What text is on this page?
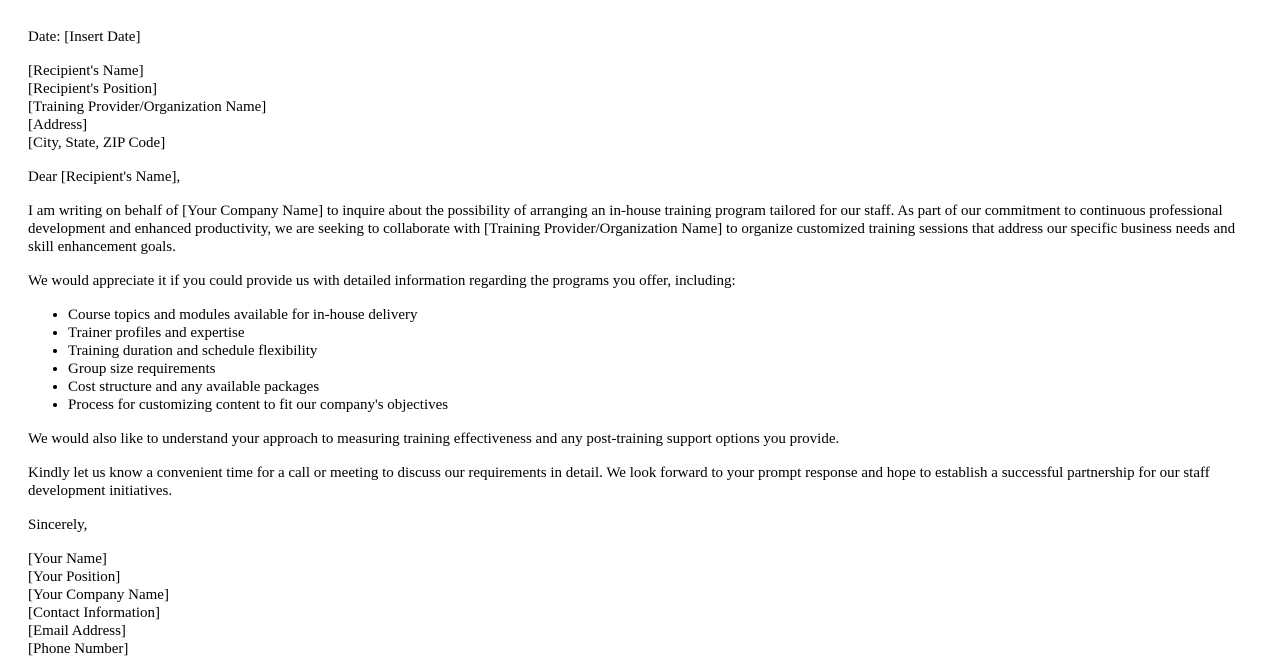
Date: [Insert Date]

[Recipient's Name]
[Recipient's Position]
[Training Provider/Organization Name]
[Address]
[City, State, ZIP Code]

Dear [Recipient's Name],

I am writing on behalf of [Your Company Name] to inquire about the possibility of arranging an in-house training program tailored for our staff. As part of our commitment to continuous professional development and enhanced productivity, we are seeking to collaborate with [Training Provider/Organization Name] to organize customized training sessions that address our specific business needs and skill enhancement goals.

We would appreciate it if you could provide us with detailed information regarding the programs you offer, including:

• Course topics and modules available for in-house delivery
• Trainer profiles and expertise
• Training duration and schedule flexibility
• Group size requirements
• Cost structure and any available packages
• Process for customizing content to fit our company's objectives

We would also like to understand your approach to measuring training effectiveness and any post-training support options you provide.

Kindly let us know a convenient time for a call or meeting to discuss our requirements in detail. We look forward to your prompt response and hope to establish a successful partnership for our staff development initiatives.

Sincerely,

[Your Name]
[Your Position]
[Your Company Name]
[Contact Information]
[Email Address]
[Phone Number]
